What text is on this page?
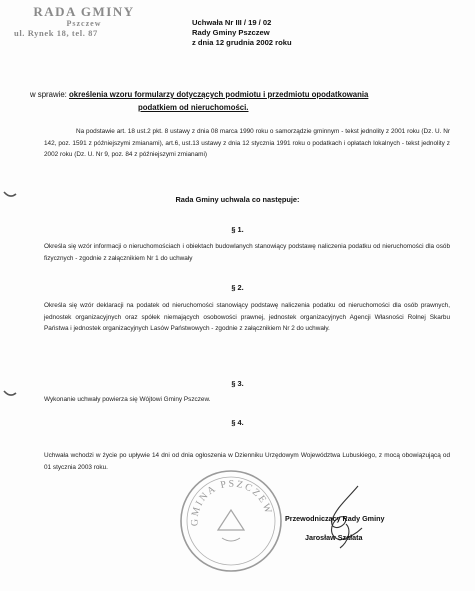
RADA GMINY
Pszczew
ul. Rynek 18, tel. 87
Uchwała Nr III / 19 / 02
Rady Gminy Pszczew
z dnia 12 grudnia 2002 roku
w sprawie: określenia wzoru formularzy dotyczących podmiotu i przedmiotu opodatkowania
podatkiem od nieruchomości.
Na podstawie art. 18 ust.2 pkt. 8 ustawy z dnia 08 marca 1990 roku o samorządzie gminnym - tekst jednolity z 2001 roku (Dz. U. Nr 142, poz. 1591 z późniejszymi zmianami), art.6, ust.13 ustawy z dnia 12 stycznia 1991 roku o podatkach i opłatach lokalnych - tekst jednolity z 2002 roku (Dz. U. Nr 9, poz. 84 z późniejszymi zmianami)
Rada Gminy uchwala co następuje:
§ 1.
Określa się wzór informacji o nieruchomościach i obiektach budowlanych stanowiący podstawę naliczenia podatku od nieruchomości dla osób fizycznych - zgodnie z załącznikiem Nr 1 do uchwały
§ 2.
Określa się wzór deklaracji na podatek od nieruchomości stanowiący podstawę naliczenia podatku od nieruchomości dla osób prawnych, jednostek organizacyjnych oraz spółek niemających osobowości prawnej, jednostek organizacyjnych Agencji Własności Rolnej Skarbu Państwa i jednostek organizacyjnych Lasów Państwowych - zgodnie z załącznikiem Nr 2 do uchwały.
§ 3.
Wykonanie uchwały powierza się Wójtowi Gminy Pszczew.
§ 4.
Uchwała wchodzi w życie po upływie 14 dni od dnia ogłoszenia w Dzienniku Urzędowym Województwa Lubuskiego, z mocą obowiązującą od 01 stycznia 2003 roku.
GMINA PSZCZEW
Przewodniczący Rady Gminy
Jarosław Szałata
